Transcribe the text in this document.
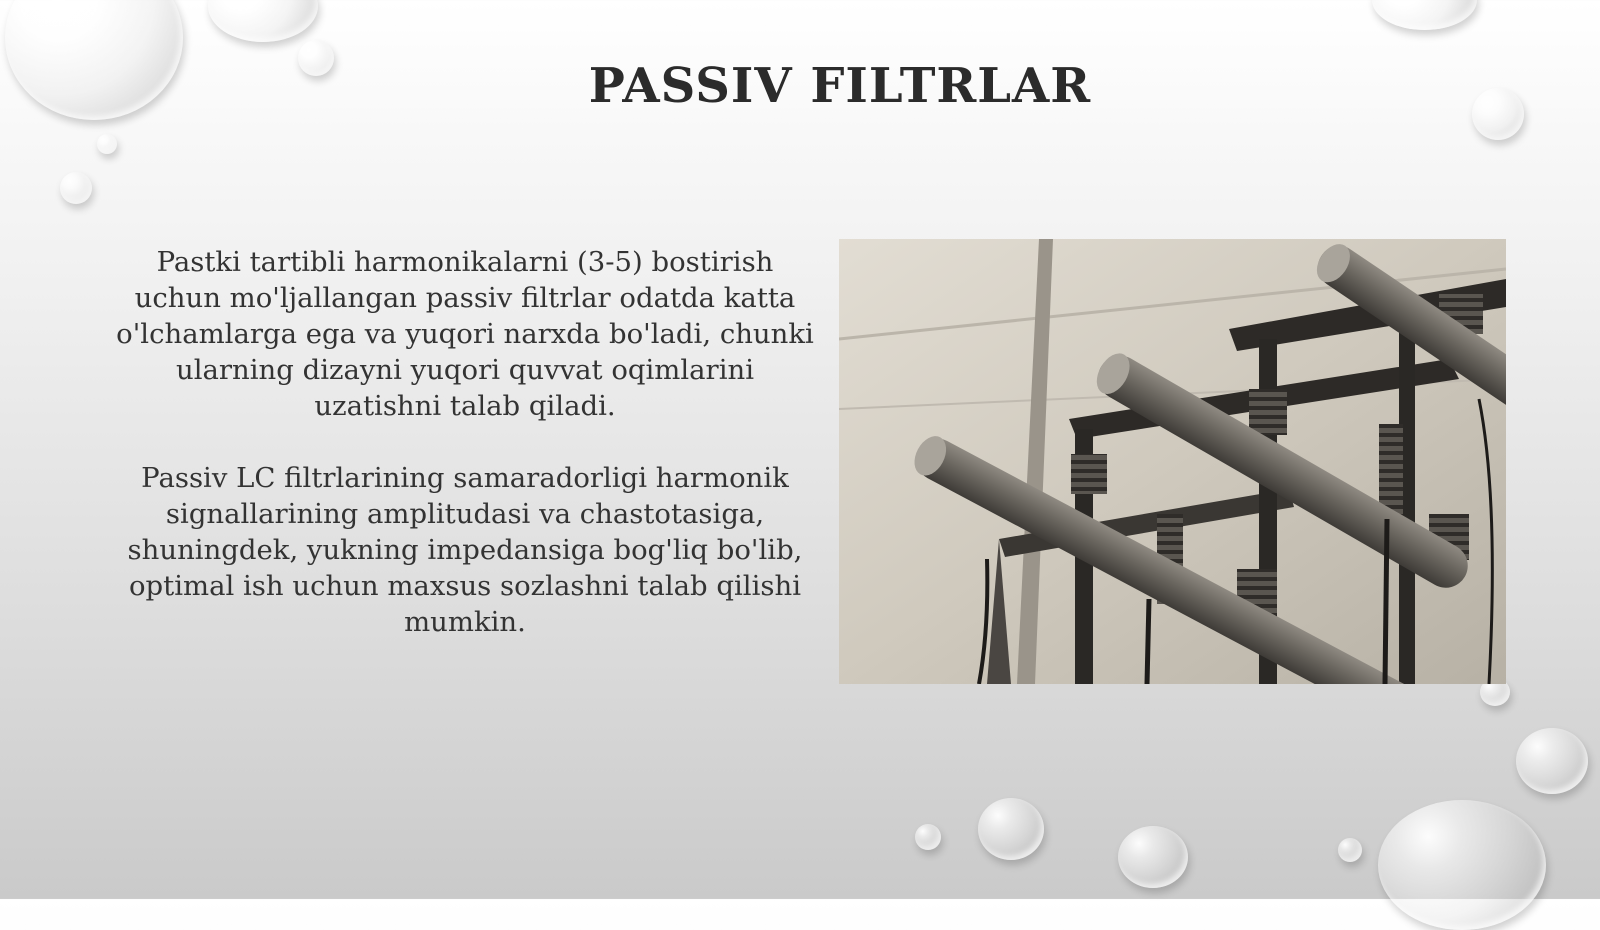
PASSIV FILTRLAR

Pastki tartibli harmonikalarni (3-5) bostirish uchun mo'ljallangan passiv filtrlar odatda katta o'lchamlarga ega va yuqori narxda bo'ladi, chunki ularning dizayni yuqori quvvat oqimlarini uzatishni talab qiladi.

Passiv LC filtrlarining samaradorligi harmonik signallarining amplitudasi va chastotasiga, shuningdek, yukning impedansiga bog'liq bo'lib, optimal ish uchun maxsus sozlashni talab qilishi mumkin.
